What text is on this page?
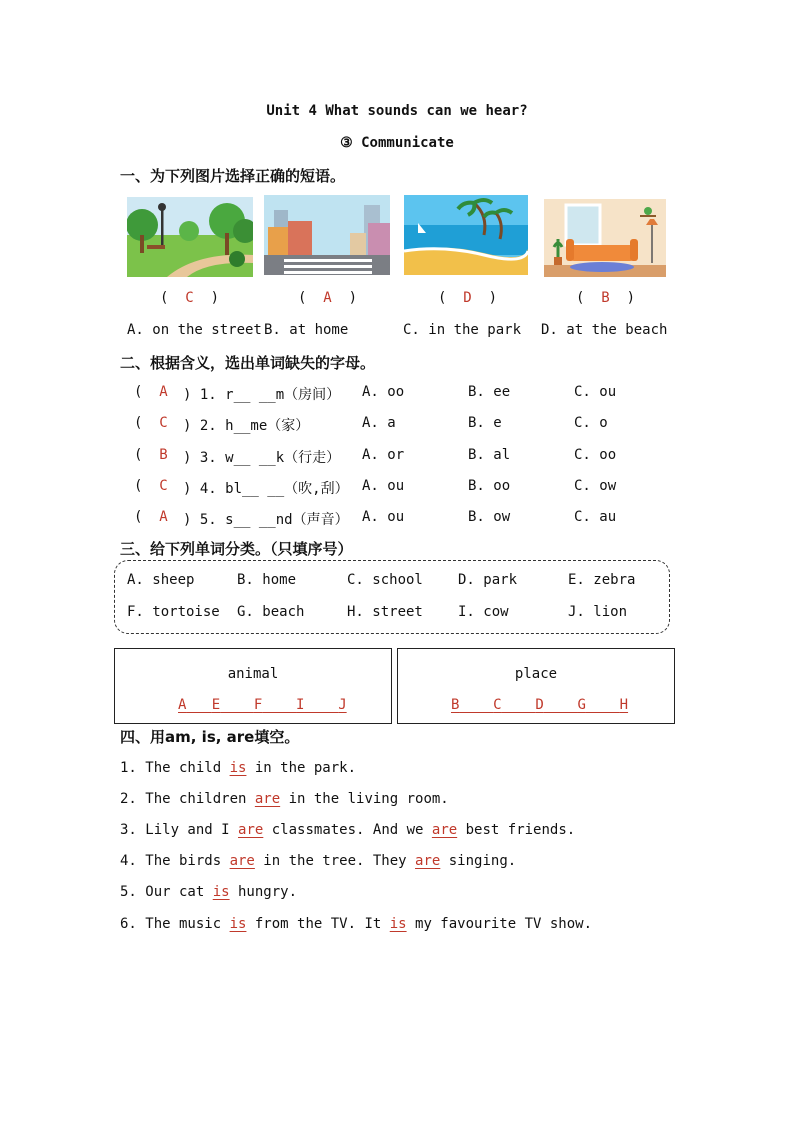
Unit 4 What sounds can we hear?
③ Communicate
一、为下列图片选择正确的短语。
(  C  )	(  A  )	(  D  )	(  B  )
A. on the street B. at home	C. in the park D. at the beach
二、根据含义，选出单词缺失的字母。
(  A	) 1. r__ __m（房间） A. oo	B. ee	C. ou
(  C	) 2. h__me（家）	A. a	B. e	C. o
(  B	) 3. w__ __k（行走） A. or	B. al	C. oo
(  C	) 4. bl__ __（吹,刮） A. ou	B. oo	C. ow
(  A	) 5. s__ __nd（声音） A. ou	B. ow	C. au
三、给下列单词分类。（只填序号）
A. sheep	B. home	C. school	D. park	E. zebra
F. tortoise G. beach	H. street	I. cow	J. lion
animal
A E F I J
place
B C D G H
四、用am, is, are填空。
1. The child is in the park.
2. The children are in the living room.
3. Lily and I are classmates. And we are best friends.
4. The birds are in the tree. They are singing.
5. Our cat is hungry.
6. The music is from the TV. It is my favourite TV show.
